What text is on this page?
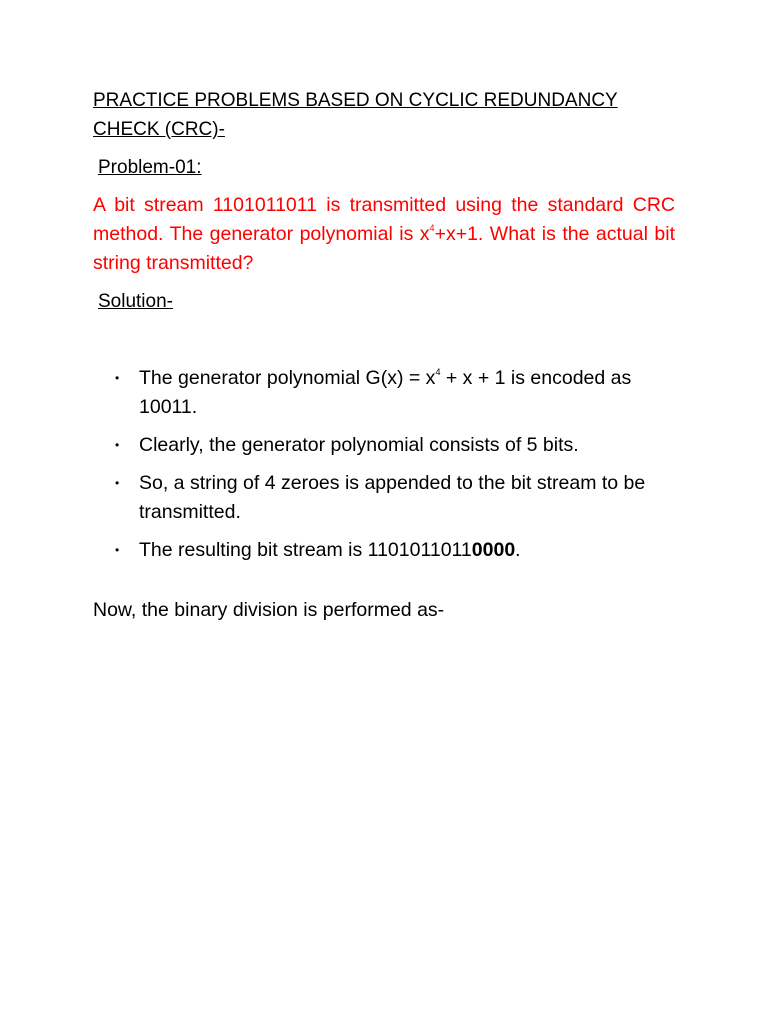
PRACTICE PROBLEMS BASED ON CYCLIC REDUNDANCY
CHECK (CRC)-

Problem-01:

A bit stream 1101011011 is transmitted using the standard CRC method. The generator polynomial is $x^4+x+1$. What is the actual bit string transmitted?

Solution-

• The generator polynomial $G(x) = x^4 + x + 1$ is encoded as 10011.
• Clearly, the generator polynomial consists of 5 bits.
• So, a string of 4 zeroes is appended to the bit stream to be transmitted.
• The resulting bit stream is 11010110110000.

Now, the binary division is performed as-
